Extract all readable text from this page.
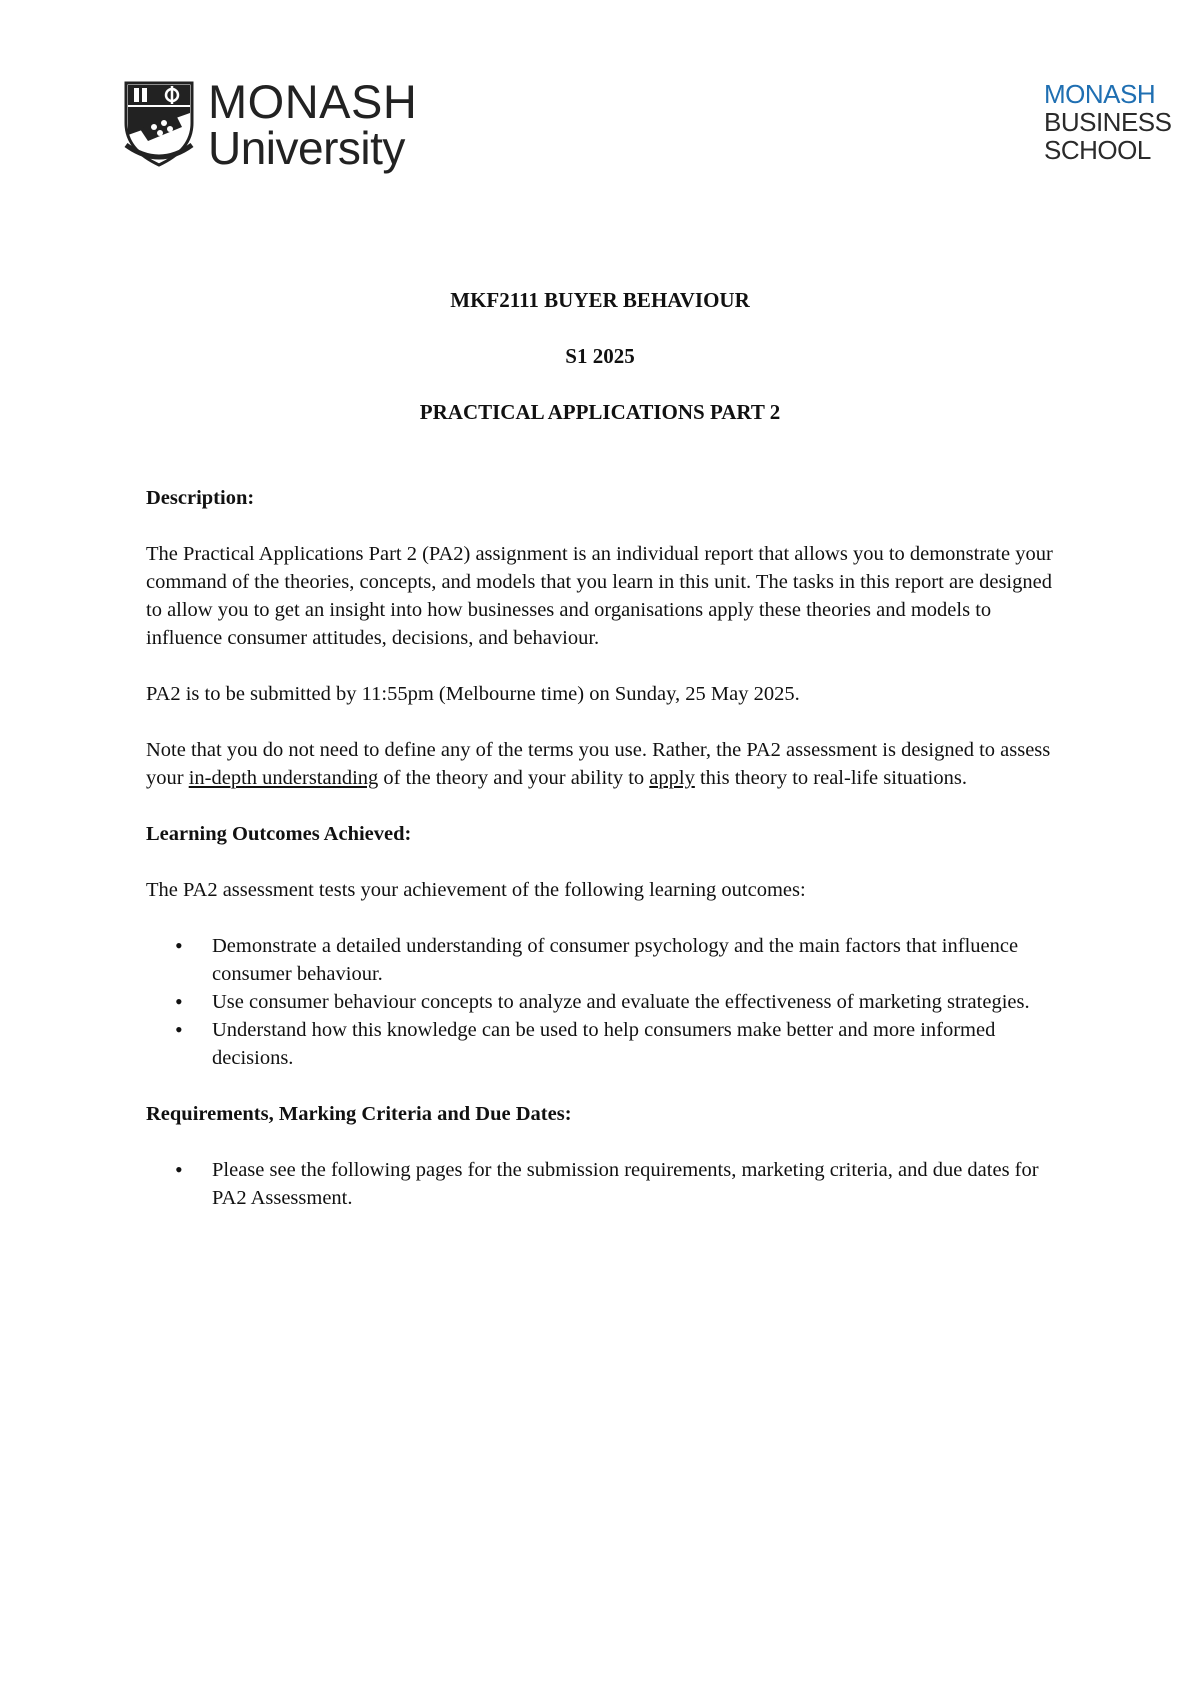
MONASH
University
MONASH
BUSINESS
SCHOOL
MKF2111 BUYER BEHAVIOUR
S1 2025
PRACTICAL APPLICATIONS PART 2

Description:

The Practical Applications Part 2 (PA2) assignment is an individual report that allows you to demonstrate your command of the theories, concepts, and models that you learn in this unit. The tasks in this report are designed to allow you to get an insight into how businesses and organisations apply these theories and models to influence consumer attitudes, decisions, and behaviour.

PA2 is to be submitted by 11:55pm (Melbourne time) on Sunday, 25 May 2025.

Note that you do not need to define any of the terms you use. Rather, the PA2 assessment is designed to assess your in-depth understanding of the theory and your ability to apply this theory to real-life situations.

Learning Outcomes Achieved:

The PA2 assessment tests your achievement of the following learning outcomes:

• Demonstrate a detailed understanding of consumer psychology and the main factors that influence consumer behaviour.
• Use consumer behaviour concepts to analyze and evaluate the effectiveness of marketing strategies.
• Understand how this knowledge can be used to help consumers make better and more informed decisions.

Requirements, Marking Criteria and Due Dates:

• Please see the following pages for the submission requirements, marketing criteria, and due dates for PA2 Assessment.
